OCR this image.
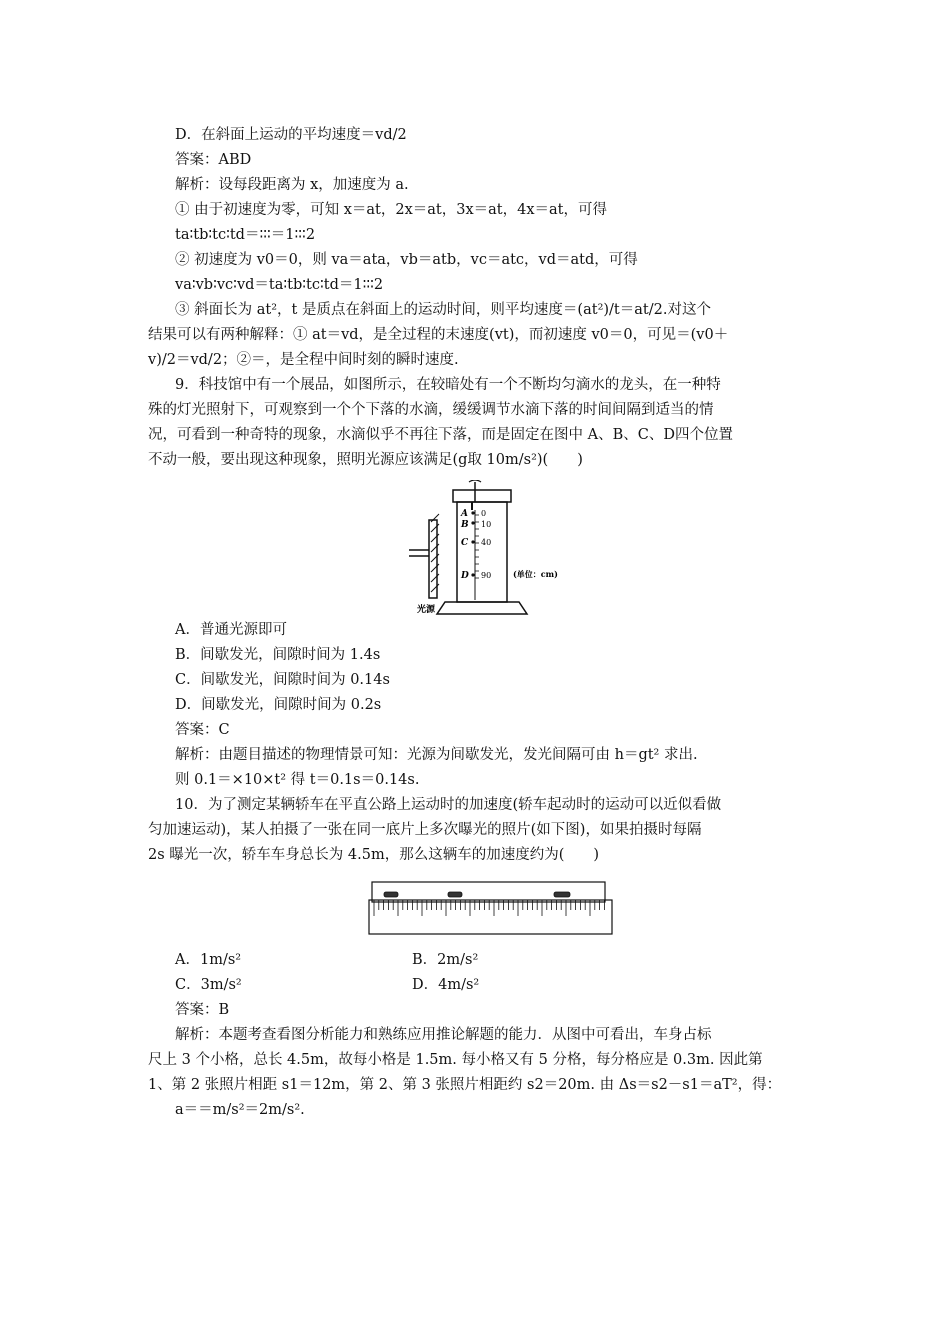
D．在斜面上运动的平均速度＝vd/2
答案：ABD
解析：设每段距离为 x，加速度为 a.
① 由于初速度为零，可知 x＝at，2x＝at，3x＝at，4x＝at，可得
ta∶tb∶tc∶td＝∶∶∶＝1∶∶∶2
② 初速度为 v0＝0，则 va＝ata，vb＝atb，vc＝atc，vd＝atd，可得
va∶vb∶vc∶vd＝ta∶tb∶tc∶td＝1∶∶∶2
③ 斜面长为 at²，t 是质点在斜面上的运动时间，则平均速度＝(at²)/t＝at/2.对这个
结果可以有两种解释：① at＝vd，是全过程的末速度(vt)，而初速度 v0＝0，可见＝(v0＋
v)/2＝vd/2；②＝，是全程中间时刻的瞬时速度.
9．科技馆中有一个展品，如图所示，在较暗处有一个不断均匀滴水的龙头，在一种特
殊的灯光照射下，可观察到一个个下落的水滴，缓缓调节水滴下落的时间间隔到适当的情
况，可看到一种奇特的现象，水滴似乎不再往下落，而是固定在图中 A、B、C、D四个位置
不动一般，要出现这种现象，照明光源应该满足(g取 10m/s²)(　　)
A
B
C
D
0
10
40
90	(单位：cm)
光源
A．普通光源即可
B．间歇发光，间隙时间为 1.4s
C．间歇发光，间隙时间为 0.14s
D．间歇发光，间隙时间为 0.2s
答案：C
解析：由题目描述的物理情景可知：光源为间歇发光，发光间隔可由 h＝gt² 求出.
则 0.1＝×10×t² 得 t＝0.1s＝0.14s.
10．为了测定某辆轿车在平直公路上运动时的加速度(轿车起动时的运动可以近似看做
匀加速运动)，某人拍摄了一张在同一底片上多次曝光的照片(如下图)，如果拍摄时每隔
2s 曝光一次，轿车车身总长为 4.5m，那么这辆车的加速度约为(　　)
A．1m/s²	B．2m/s²
C．3m/s²	D．4m/s²
答案：B
解析：本题考查看图分析能力和熟练应用推论解题的能力．从图中可看出，车身占标
尺上 3 个小格，总长 4.5m，故每小格是 1.5m. 每小格又有 5 分格，每分格应是 0.3m. 因此第
1、第 2 张照片相距 s1＝12m，第 2、第 3 张照片相距约 s2＝20m. 由 Δs＝s2－s1＝aT²，得：
a＝＝m/s²＝2m/s².
